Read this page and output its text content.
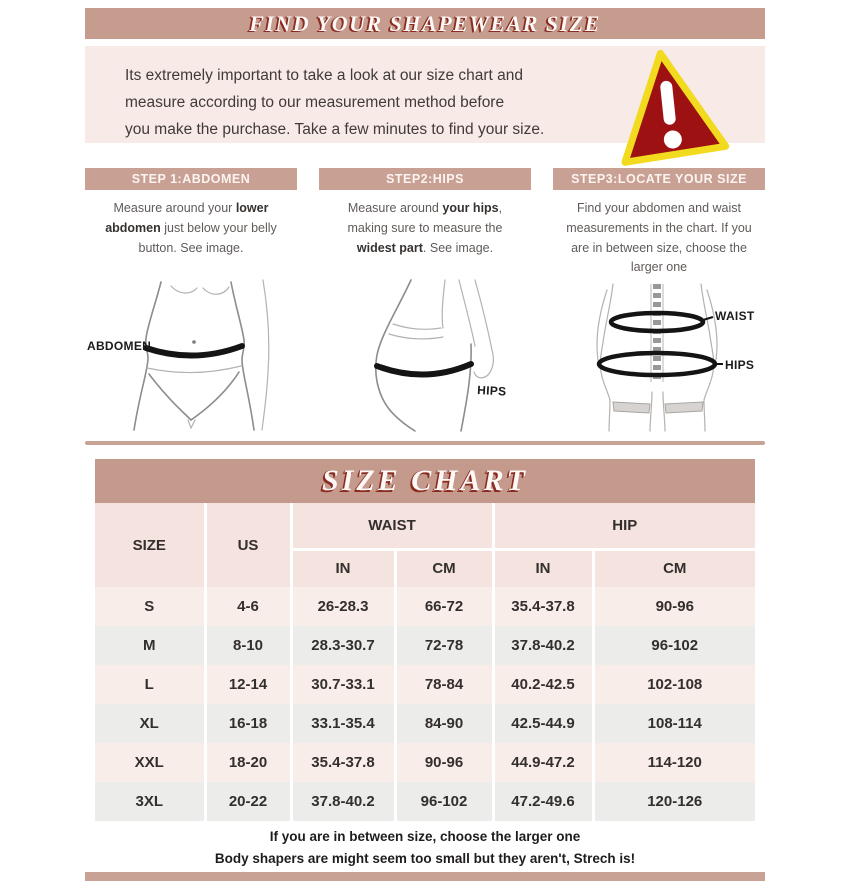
FIND YOUR SHAPEWEAR SIZE
Its extremely important to take a look at our size chart and
measure according to our measurement method before
you make the purchase. Take a few minutes to find your size.
STEP 1:ABDOMEN
Measure around your lower abdomen just below your belly button. See image.
STEP2:HIPS
Measure around your hips, making sure to measure the widest part. See image.
STEP3:LOCATE YOUR SIZE
Find your abdomen and waist measurements in the chart. If you are in between size, choose the larger one
ABDOMEN
HIPS
WAIST
HIPS
SIZE CHART
SIZE	US	WAIST		HIP	
		IN	CM	IN	CM
S	4-6	26-28.3	66-72	35.4-37.8	90-96
M	8-10	28.3-30.7	72-78	37.8-40.2	96-102
L	12-14	30.7-33.1	78-84	40.2-42.5	102-108
XL	16-18	33.1-35.4	84-90	42.5-44.9	108-114
XXL	18-20	35.4-37.8	90-96	44.9-47.2	114-120
3XL	20-22	37.8-40.2	96-102	47.2-49.6	120-126
If you are in between size, choose the larger one
Body shapers are might seem too small but they aren't, Strech is!
